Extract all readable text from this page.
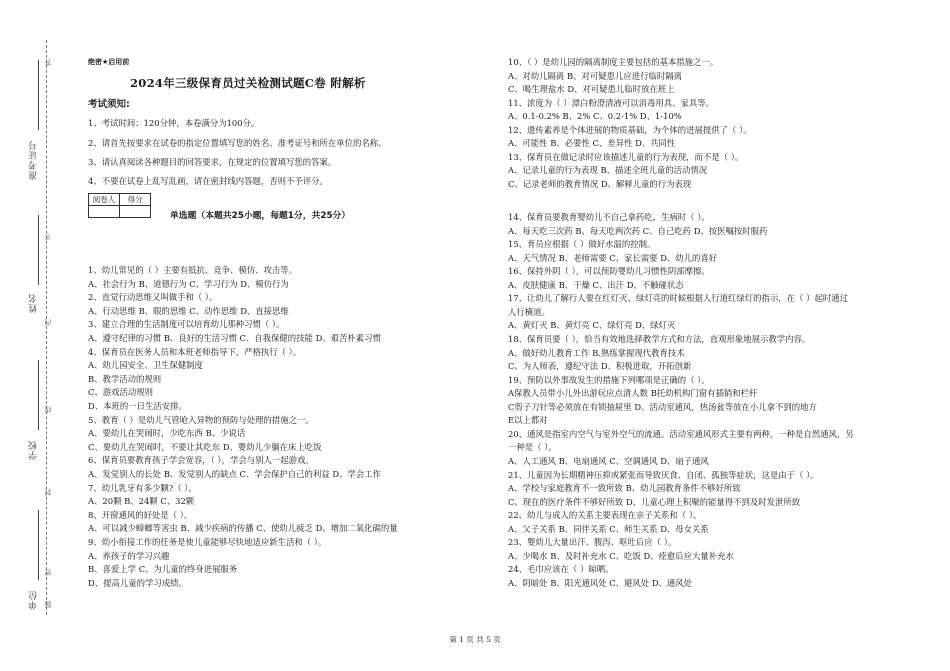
答
准考证号
姓名
学校
单位
不
内
线
封
密
题
绝密★启用前
2024年三级保育员过关检测试题C卷 附解析
考试须知:
1、考试时间：120分钟，本卷满分为100分。
2、请首先按要求在试卷的指定位置填写您的姓名、准考证号和所在单位的名称。
3、请认真阅读各种题目的回答要求，在规定的位置填写您的答案。
4、不要在试卷上乱写乱画，请在密封线内答题，否则不予评分。
阅卷人	得分

单选题（本题共25小题，每题1分，共25分）
1、幼儿常见的（ ）主要有抵抗、竞争、模仿、攻击等。
A、社会行为 B、道德行为 C、学习行为 D、模仿行为
2、直觉行动思维又叫做手和（ ）。
A、行动思维 B、眼的思维 C、动作思维 D、直接思维
3、建立合理的生活制度可以培育幼儿那种习惯（ ）。
A、遵守纪律的习惯 B、良好的生活习惯 C、自我保健的技能 D、艰苦朴素习惯
4、保育员在医务人员和本班老师指导下，严格执行（ ）。
A、幼儿园安全、卫生保健制度
B、教学活动的规则
C、游戏活动规则
D、本班的一日生活安排。
5、教育（ ）是幼儿气管呛入异物的预防与处理的措施之一。
A、要幼儿在哭闹时，少吃东西 B、少说话
C、要幼儿在哭闹时，不要让其吃东 D、婴幼儿少躺在床上吃饭
6、保育员要教育孩子学会宽容，（ ），学会与别人一起游戏。
A、发觉别人的长处 B、发觉别人的缺点 C、学会保护自己的利益 D、学会工作
7、幼儿乳牙有多少颗?（ ）。
A、20颗 B、24颗 C、32颗
8、开窗通风的好处是（ ）。
A、可以减少蟑螂等害虫 B、减少疾病的传播 C、使幼儿疲乏 D、增加二氧化碳的量
9、幼小衔接工作的任务是使儿童能够尽快地适应新生活和（ ）。
A、养孩子的学习兴趣
B、喜爱上学 C、为儿童的终身进展服务
D、提高儿童的学习成绩。
10、（ ）是幼儿园的隔离制度主要包括的基本措施之一。
A、对幼儿隔离 B、对可疑患儿应进行临时隔离
C、喝生理盐水 D、对可疑患儿临时放在班上
11、浓度为（ ）漂白粉澄清液可以消毒用具、家具等。
A、0.1-0.2% B、2% C、0.2-1% D、1-10%
12、遗传素养是个体进展的物质基础，为个体的进展提供了（ ）。
A、可能性 B、必要性 C、差异性 D、共同性
13、保育员在做记录时应该描述儿童的行为表现，而不是（ ）。
A、记录儿童的行为表现 B、描述全班儿童的活动情况
C、记录老师的教育情况 D、解释儿童的行为表现
14、保育员要教育婴幼儿不自己拿药吃，生病时（ ）。
A、每天吃三次药 B、每天吃两次药 C、自己吃药 D、按医嘱按时服药
15、育员应根据（ ）做好水温的控制。
A、天气情况 B、老师需要 C、家长需要 D、幼儿的喜好
16、保持外阴（ ），可以预防婴幼儿习惯性阴部摩擦。
A、皮肤健康 B、干燥 C、出汗 D、不触碰状态
17、让幼儿了解行人要在红灯灭、绿灯亮的时候根据人行道红绿灯的指示，在（ ）起时通过
人行横道。
A、黄灯灭 B、黄灯亮 C、绿灯亮 D、绿灯灭
18、保育员要（ ），恰当有效地选择教学方式和方法，直观形象地展示教学内容。
A、做好幼儿教育工作 B.熟练掌握现代教育技术
C、为人师表，遵纪守法 D、积极进取，开拓创新
19、预防以外事故发生的措施下列哪项是正确的（ ）。
A保教人员带小儿外出游玩应点清人数 B托幼机构门窗有插销和栏杆
C剪子刀针等必须放在有锁抽屉里 D、活动室通风，热汤盆等放在小儿拿不到的地方
E以上都对
20、通风是指室内空气与室外空气的流通。活动室通风形式主要有两种，一种是自然通风，另
一种是（ ）。
A、人工通风 B、电扇通风 C、空调通风 D、扇子通风
21、儿童因为长期精神压抑或紧张而导致厌食、自闭、孤独等症状，这是由于（ ）。
A、学校与家庭教育不一致所致 B、幼儿园教育条件不够好所致
C、现在的医疗条件不够好所致 D、儿童心理上积聚的能量得不到及时发泄所致
22、幼儿与成人的关系主要表现在亲子关系和（ ）。
A、父子关系 B、同伴关系 C、师生关系 D、母女关系
23、婴幼儿大量出汗、腹泻、呕吐后应（ ）。
A、少喝水 B、及时补充水 C、吃饭 D、痊愈后应大量补充水
24、毛巾应该在（ ）晾晒。
A、阴暗处 B、阳光通风处 C、避风处 D、通风处
第 1 页 共 5 页
